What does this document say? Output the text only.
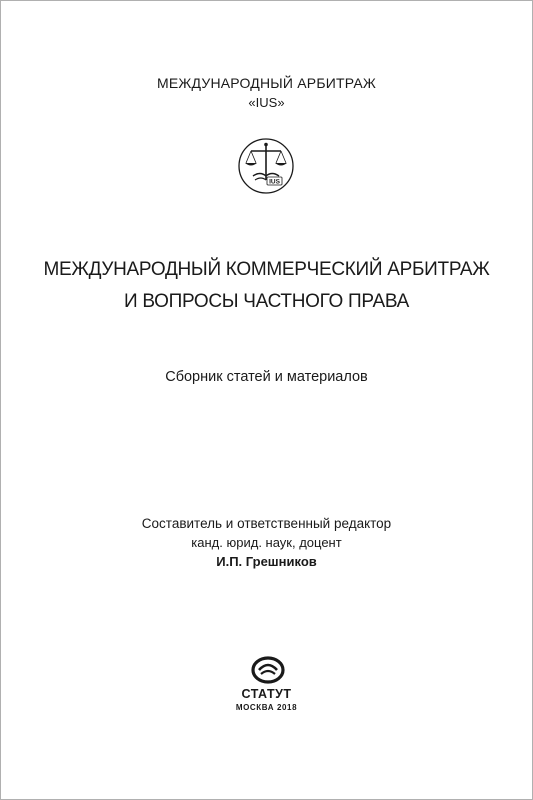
МЕЖДУНАРОДНЫЙ АРБИТРАЖ
«IUS»
IUS
МЕЖДУНАРОДНЫЙ КОММЕРЧЕСКИЙ АРБИТРАЖ
И ВОПРОСЫ ЧАСТНОГО ПРАВА
Сборник статей и материалов
Составитель и ответственный редактор
канд. юрид. наук, доцент
И.П. Грешников
СТАТУТ
МОСКВА 2018
